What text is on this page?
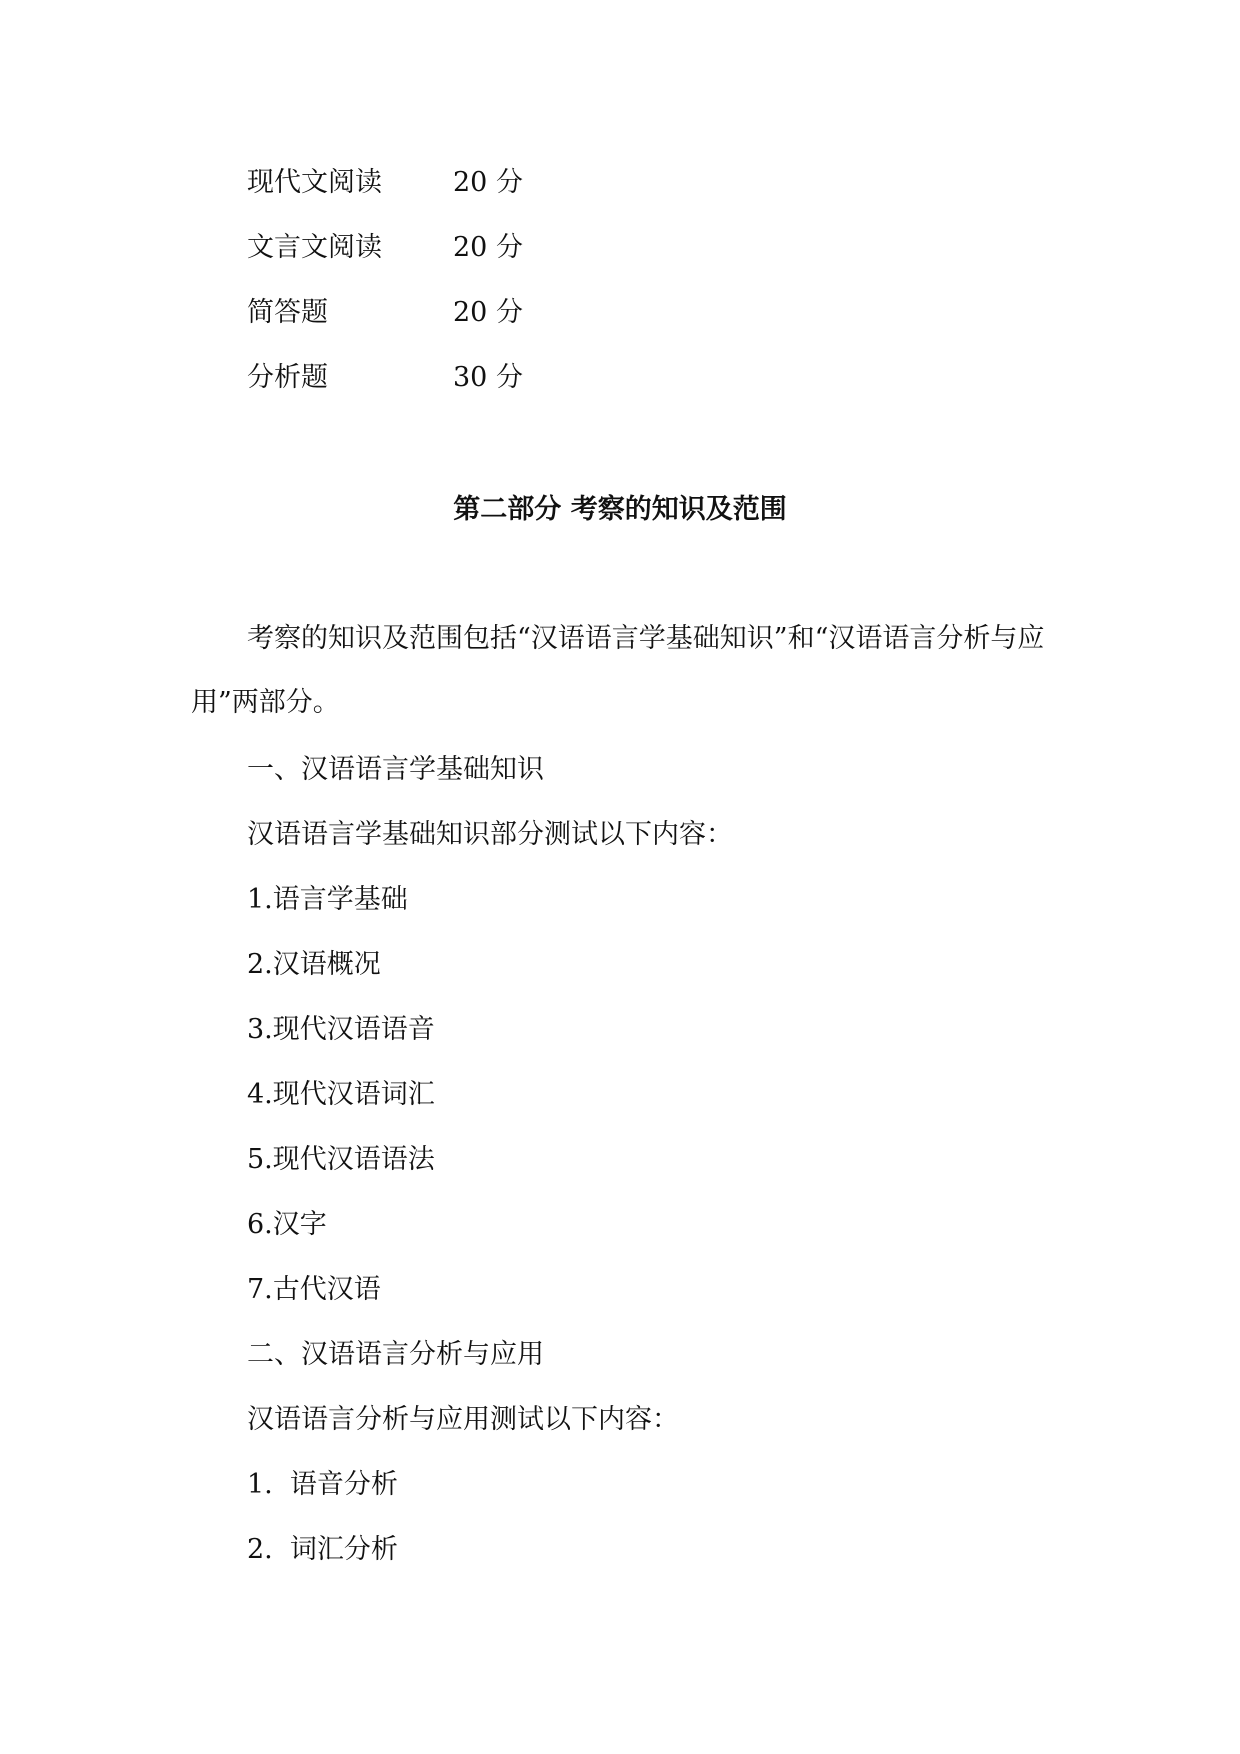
现代文阅读	20 分
文言文阅读	20 分
简答题	20 分
分析题	30 分
第二部分 考察的知识及范围

考察的知识及范围包括“汉语语言学基础知识”和“汉语语言分析与应用”两部分。

一、汉语语言学基础知识
汉语语言学基础知识部分测试以下内容：
1.语言学基础
2.汉语概况
3.现代汉语语音
4.现代汉语词汇
5.现代汉语语法
6.汉字
7.古代汉语
二、汉语语言分析与应用
汉语语言分析与应用测试以下内容：
1.  语音分析
2.  词汇分析
